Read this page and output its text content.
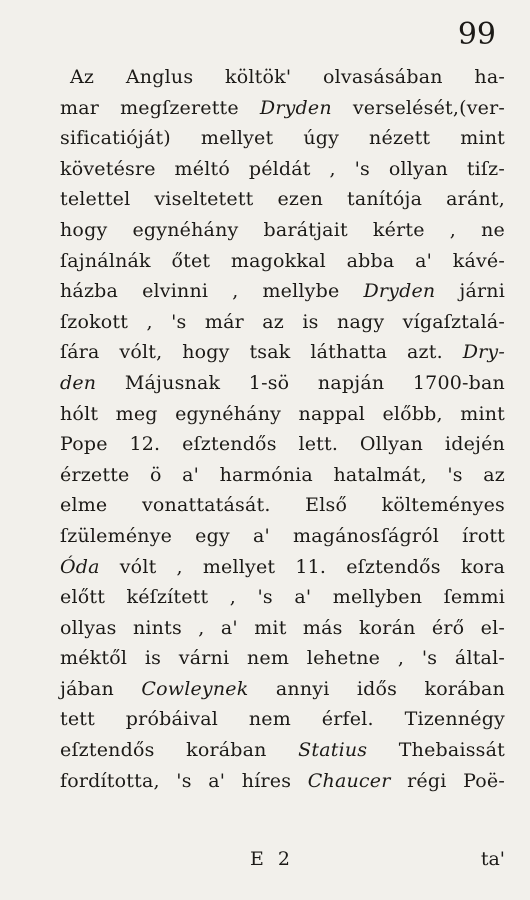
99
Az Anglus költök' olvasásában ha-
mar megſzerette Dryden verselését,(ver-
sificatióját) mellyet úgy nézett mint
követésre méltó példát , 's ollyan tiſz-
telettel viseltetett ezen tanítója aránt,
hogy egynéhány barátjait kérte , ne
ſajnálnák őtet magokkal abba a' kávé-
házba elvinni , mellybe Dryden járni
ſzokott , 's már az is nagy vígaſztalá-
ſára vólt, hogy tsak láthatta azt. Dry-
den Májusnak 1-sö napján 1700-ban
hólt meg egynéhány nappal előbb, mint
Pope 12. eſztendős lett. Ollyan idején
érzette ö a' harmónia hatalmát, 's az
elme vonattatását. Első költeményes
ſzüleménye egy a' magánosſágról írott
Óda vólt , mellyet 11. eſztendős kora
előtt kéſzített , 's a' mellyben ſemmi
ollyas nints , a' mit más korán érő el-
méktől is várni nem lehetne , 's által-
jában Cowleynek annyi idős korában
tett próbáival nem érfel. Tizennégy
eſztendős korában Statius Thebaissát
fordította, 's a' híres Chaucer régi Poë-
E 2	ta'
